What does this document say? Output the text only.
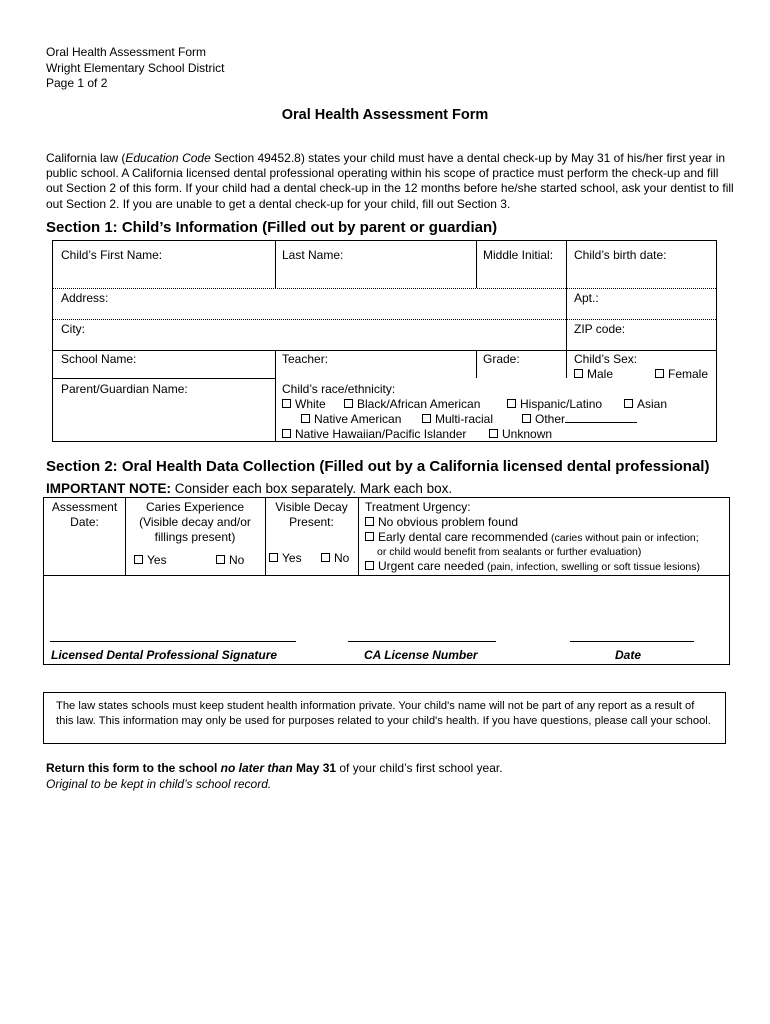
Oral Health Assessment Form
Wright Elementary School District
Page 1 of 2
Oral Health Assessment Form
California law (Education Code Section 49452.8) states your child must have a dental check-up by May 31 of his/her first year in public school. A California licensed dental professional operating within his scope of practice must perform the check-up and fill out Section 2 of this form. If your child had a dental check-up in the 12 months before he/she started school, ask your dentist to fill out Section 2. If you are unable to get a dental check-up for your child, fill out Section 3.
Section 1: Child’s Information (Filled out by parent or guardian)
Child’s First Name:	Last Name:	Middle Initial: Child’s birth date:
Address:	Apt.:
City:	ZIP code:
School Name:	Teacher:	Grade:	Child’s Sex:
Male	Female
Parent/Guardian Name:	Child’s race/ethnicity:
White	Black/African American	Hispanic/Latino	Asian
Native American	Multi-racial	Other
Native Hawaiian/Pacific Islander	Unknown
Section 2: Oral Health Data Collection (Filled out by a California licensed dental professional)
IMPORTANT NOTE: Consider each box separately. Mark each box.
Assessment
Date:
Caries Experience
(Visible decay and/or
fillings present)
Yes	No
Visible Decay
Present:
Yes	No
Treatment Urgency:
No obvious problem found
Early dental care recommended (caries without pain or infection;
or child would benefit from sealants or further evaluation)
Urgent care needed (pain, infection, swelling or soft tissue lesions)
Licensed Dental Professional Signature	CA License Number	Date
The law states schools must keep student health information private. Your child's name will not be part of any report as a result of this law. This information may only be used for purposes related to your child's health. If you have questions, please call your school.
Return this form to the school no later than May 31 of your child’s first school year.
Original to be kept in child’s school record.
